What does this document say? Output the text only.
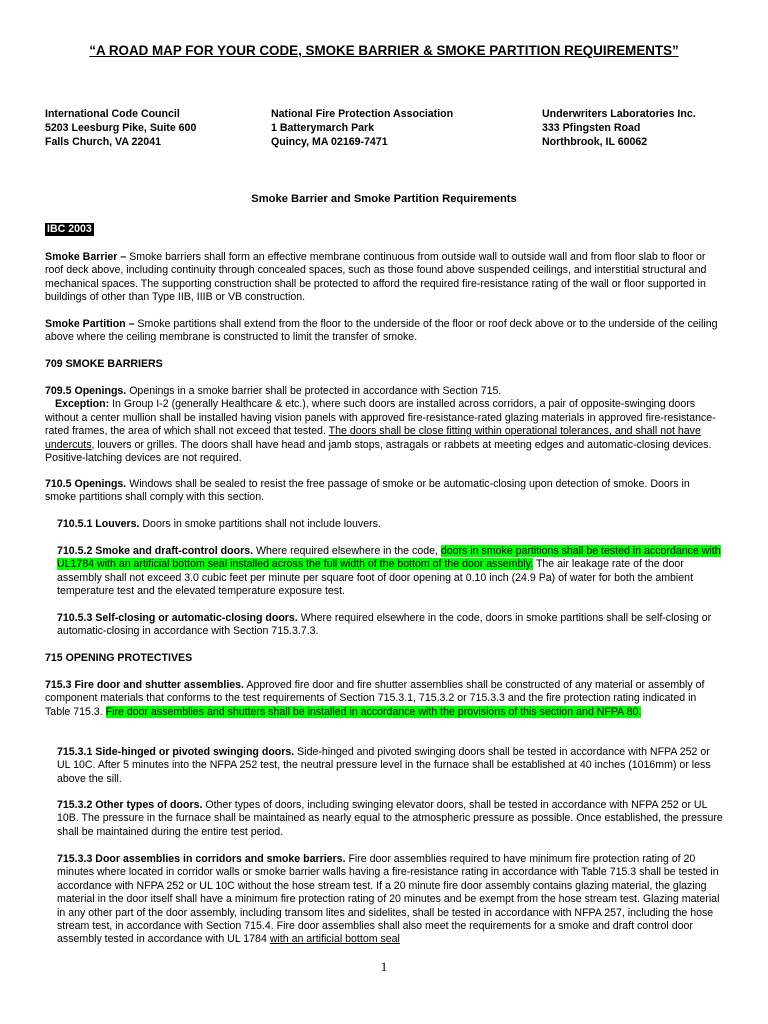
“A ROAD MAP FOR YOUR CODE, SMOKE BARRIER & SMOKE PARTITION REQUIREMENTS”
International Code Council
5203 Leesburg Pike, Suite 600
Falls Church, VA 22041
National Fire Protection Association
1 Batterymarch Park
Quincy, MA 02169-7471
Underwriters Laboratories Inc.
333 Pfingsten Road
Northbrook, IL 60062
Smoke Barrier and Smoke Partition Requirements
IBC 2003
Smoke Barrier – Smoke barriers shall form an effective membrane continuous from outside wall to outside wall and from floor slab to floor or roof deck above, including continuity through concealed spaces, such as those found above suspended ceilings, and interstitial structural and mechanical spaces. The supporting construction shall be protected to afford the required fire-resistance rating of the wall or floor supported in buildings of other than Type IIB, IIIB or VB construction.
Smoke Partition – Smoke partitions shall extend from the floor to the underside of the floor or roof deck above or to the underside of the ceiling above where the ceiling membrane is constructed to limit the transfer of smoke.
709 SMOKE BARRIERS
709.5 Openings. Openings in a smoke barrier shall be protected in accordance with Section 715.
Exception: In Group I-2 (generally Healthcare & etc.), where such doors are installed across corridors, a pair of opposite-swinging doors without a center mullion shall be installed having vision panels with approved fire-resistance-rated glazing materials in approved fire-resistance-rated frames, the area of which shall not exceed that tested. The doors shall be close fitting within operational tolerances, and shall not have undercuts, louvers or grilles. The doors shall have head and jamb stops, astragals or rabbets at meeting edges and automatic-closing devices. Positive-latching devices are not required.
710.5 Openings. Windows shall be sealed to resist the free passage of smoke or be automatic-closing upon detection of smoke. Doors in smoke partitions shall comply with this section.
710.5.1 Louvers. Doors in smoke partitions shall not include louvers.
710.5.2 Smoke and draft-control doors. Where required elsewhere in the code, doors in smoke partitions shall be tested in accordance with UL1784 with an artificial bottom seal installed across the full width of the bottom of the door assembly. The air leakage rate of the door assembly shall not exceed 3.0 cubic feet per minute per square foot of door opening at 0.10 inch (24.9 Pa) of water for both the ambient temperature test and the elevated temperature exposure test.
710.5.3 Self-closing or automatic-closing doors. Where required elsewhere in the code, doors in smoke partitions shall be self-closing or automatic-closing in accordance with Section 715.3.7.3.
715 OPENING PROTECTIVES
715.3 Fire door and shutter assemblies. Approved fire door and fire shutter assemblies shall be constructed of any material or assembly of component materials that conforms to the test requirements of Section 715.3.1, 715.3.2 or 715.3.3 and the fire protection rating indicated in Table 715.3. Fire door assemblies and shutters shall be installed in accordance with the provisions of this section and NFPA 80.
715.3.1 Side-hinged or pivoted swinging doors. Side-hinged and pivoted swinging doors shall be tested in accordance with NFPA 252 or UL 10C. After 5 minutes into the NFPA 252 test, the neutral pressure level in the furnace shall be established at 40 inches (1016mm) or less above the sill.
715.3.2 Other types of doors. Other types of doors, including swinging elevator doors, shall be tested in accordance with NFPA 252 or UL 10B. The pressure in the furnace shall be maintained as nearly equal to the atmospheric pressure as possible. Once established, the pressure shall be maintained during the entire test period.
715.3.3 Door assemblies in corridors and smoke barriers. Fire door assemblies required to have minimum fire protection rating of 20 minutes where located in corridor walls or smoke barrier walls having a fire-resistance rating in accordance with Table 715.3 shall be tested in accordance with NFPA 252 or UL 10C without the hose stream test. If a 20 minute fire door assembly contains glazing material, the glazing material in the door itself shall have a minimum fire protection rating of 20 minutes and be exempt from the hose stream test. Glazing material in any other part of the door assembly, including transom lites and sidelites, shall be tested in accordance with NFPA 257, including the hose stream test, in accordance with Section 715.4. Fire door assemblies shall also meet the requirements for a smoke and draft control door assembly tested in accordance with UL 1784 with an artificial bottom seal
1
